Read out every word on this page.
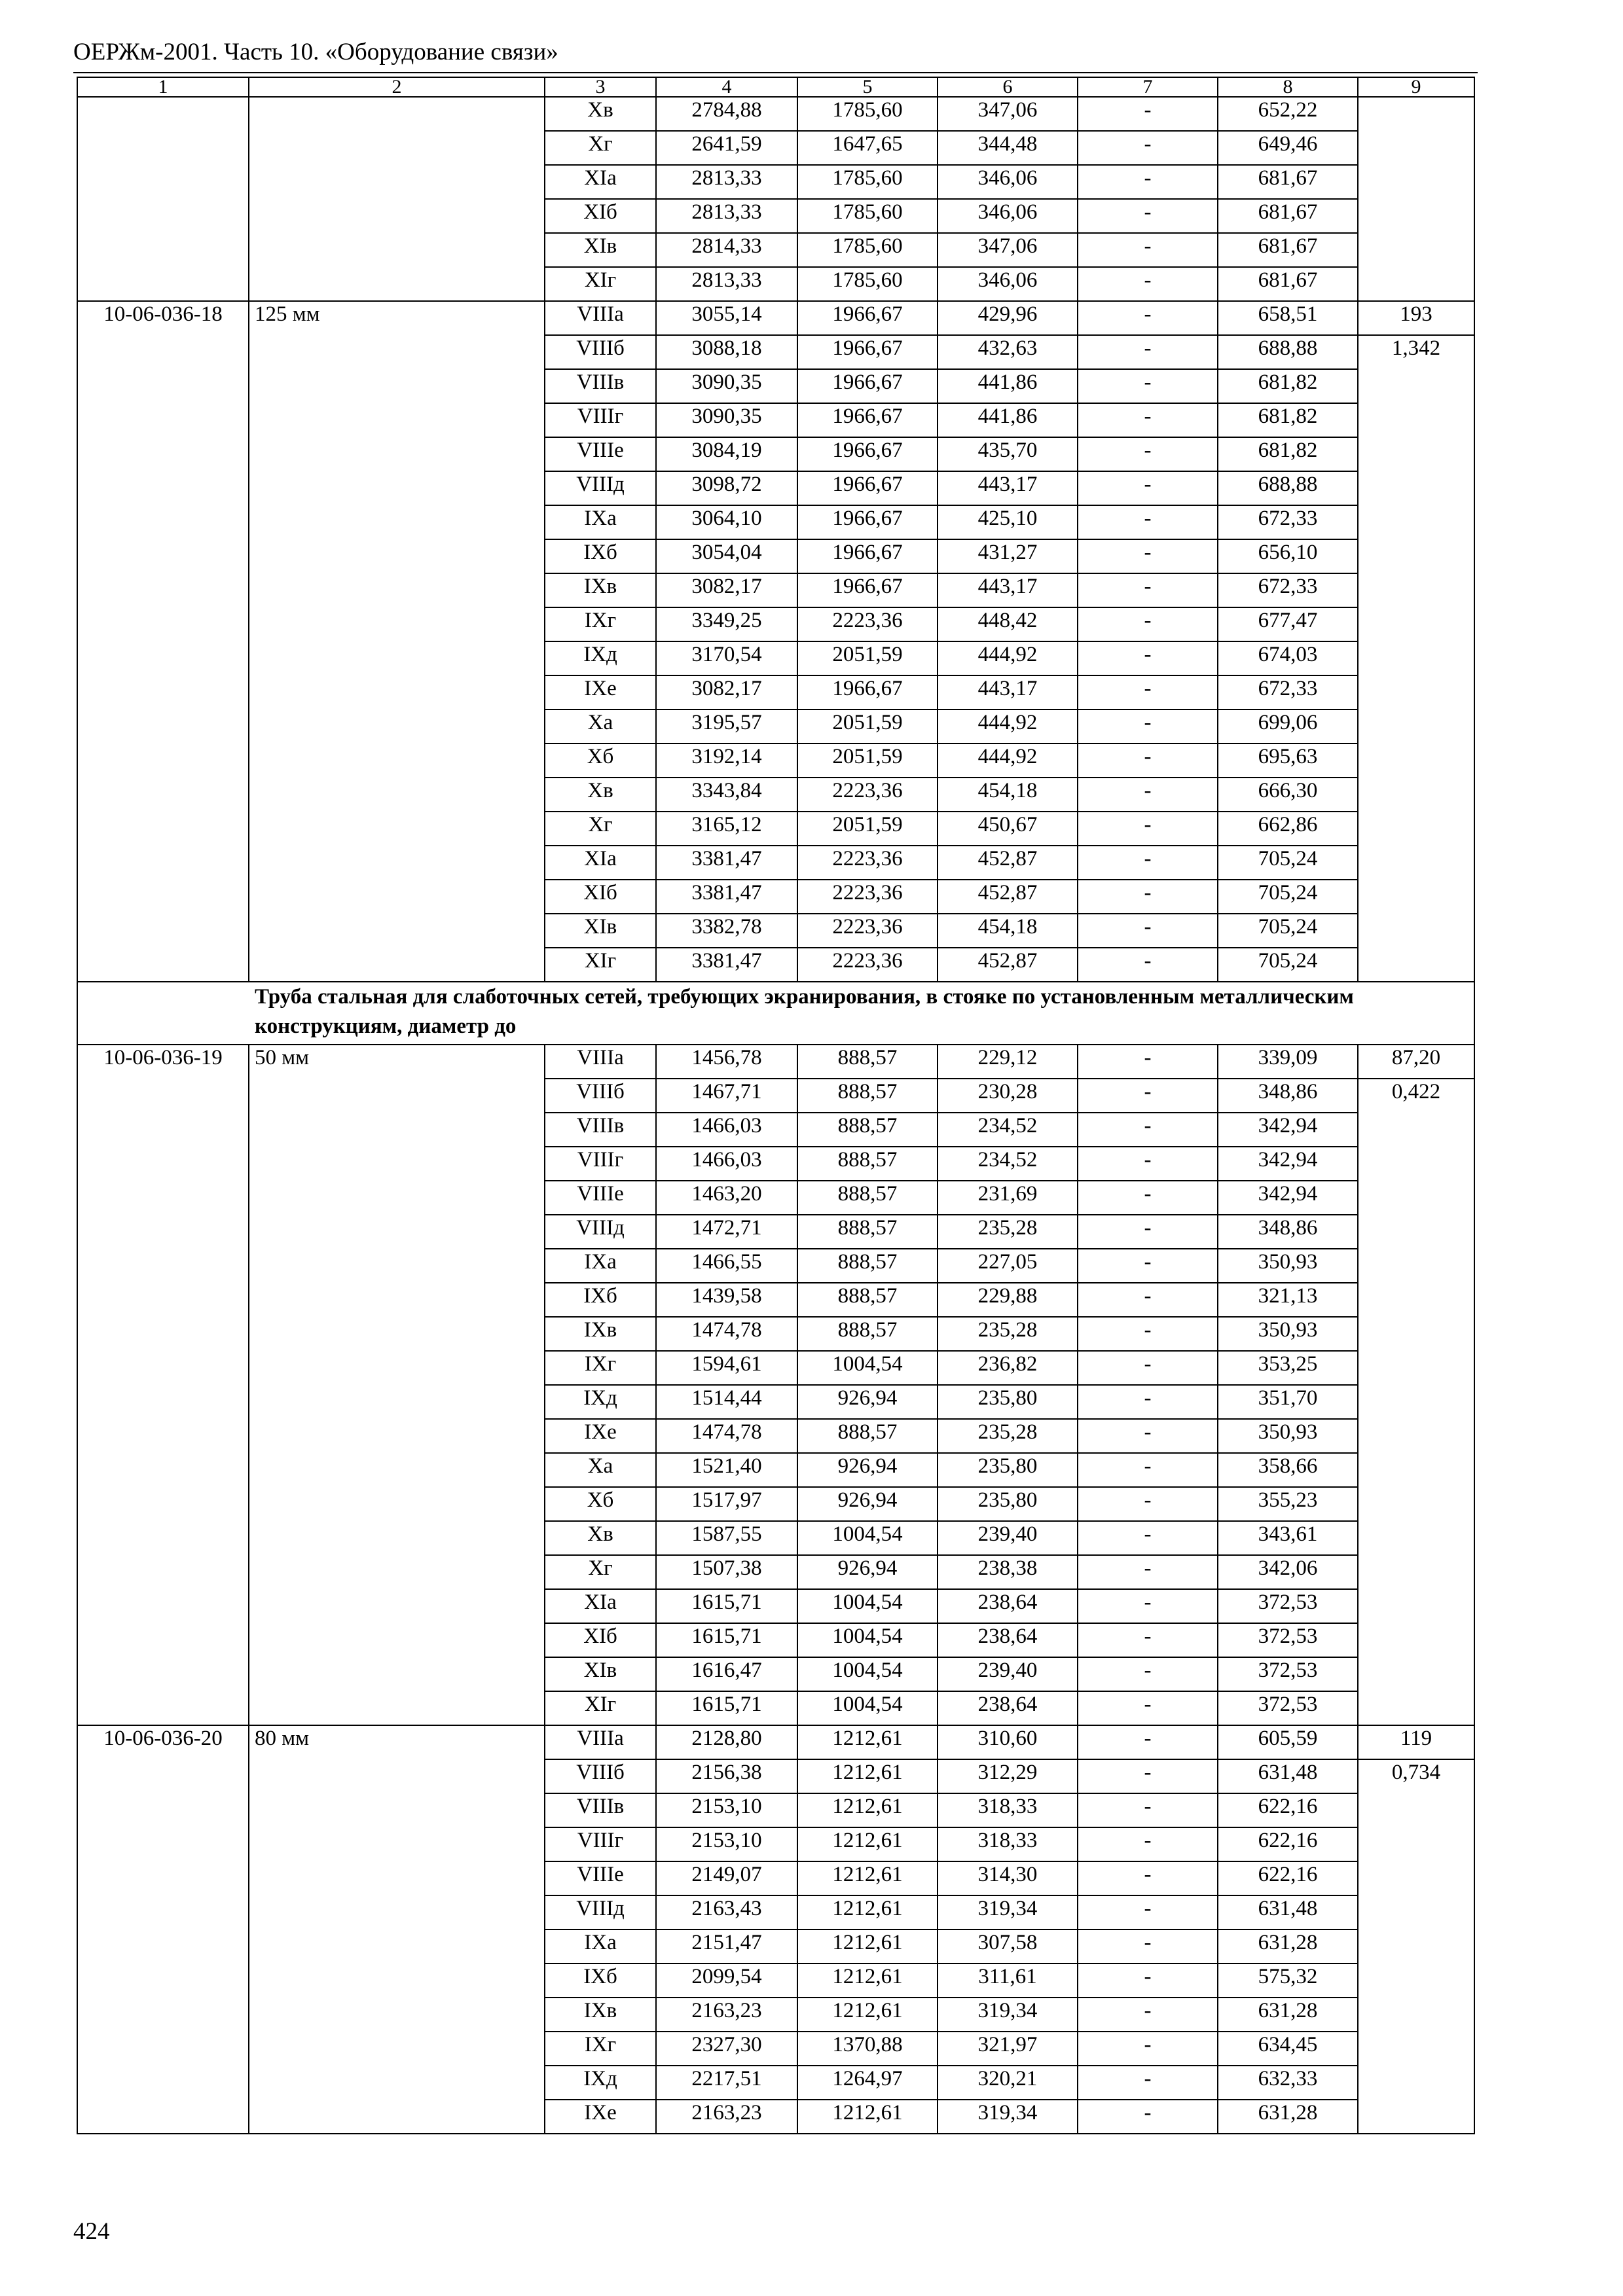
ОЕРЖм-2001. Часть 10. «Оборудование связи»
1	2	3	4	5	6	7	8	9
		Xв	2784,88	1785,60	347,06	-	652,22	
		Xг	2641,59	1647,65	344,48	-	649,46	
		XIа	2813,33	1785,60	346,06	-	681,67	
		XIб	2813,33	1785,60	346,06	-	681,67	
		XIв	2814,33	1785,60	347,06	-	681,67	
		XIг	2813,33	1785,60	346,06	-	681,67	
10-06-036-18	125 мм	VIIIа	3055,14	1966,67	429,96	-	658,51	193
		VIIIб	3088,18	1966,67	432,63	-	688,88	1,342
		VIIIв	3090,35	1966,67	441,86	-	681,82	
		VIIIг	3090,35	1966,67	441,86	-	681,82	
		VIIIе	3084,19	1966,67	435,70	-	681,82	
		VIIIд	3098,72	1966,67	443,17	-	688,88	
		IXа	3064,10	1966,67	425,10	-	672,33	
		IXб	3054,04	1966,67	431,27	-	656,10	
		IXв	3082,17	1966,67	443,17	-	672,33	
		IXг	3349,25	2223,36	448,42	-	677,47	
		IXд	3170,54	2051,59	444,92	-	674,03	
		IXе	3082,17	1966,67	443,17	-	672,33	
		Xа	3195,57	2051,59	444,92	-	699,06	
		Xб	3192,14	2051,59	444,92	-	695,63	
		Xв	3343,84	2223,36	454,18	-	666,30	
		Xг	3165,12	2051,59	450,67	-	662,86	
		XIа	3381,47	2223,36	452,87	-	705,24	
		XIб	3381,47	2223,36	452,87	-	705,24	
		XIв	3382,78	2223,36	454,18	-	705,24	
		XIг	3381,47	2223,36	452,87	-	705,24	
Труба стальная для слаботочных сетей, требующих экранирования, в стояке по установленным металлическим конструкциям, диаметр до								
10-06-036-19	50 мм	VIIIа	1456,78	888,57	229,12	-	339,09	87,20
		VIIIб	1467,71	888,57	230,28	-	348,86	0,422
		VIIIв	1466,03	888,57	234,52	-	342,94	
		VIIIг	1466,03	888,57	234,52	-	342,94	
		VIIIе	1463,20	888,57	231,69	-	342,94	
		VIIIд	1472,71	888,57	235,28	-	348,86	
		IXа	1466,55	888,57	227,05	-	350,93	
		IXб	1439,58	888,57	229,88	-	321,13	
		IXв	1474,78	888,57	235,28	-	350,93	
		IXг	1594,61	1004,54	236,82	-	353,25	
		IXд	1514,44	926,94	235,80	-	351,70	
		IXе	1474,78	888,57	235,28	-	350,93	
		Xа	1521,40	926,94	235,80	-	358,66	
		Xб	1517,97	926,94	235,80	-	355,23	
		Xв	1587,55	1004,54	239,40	-	343,61	
		Xг	1507,38	926,94	238,38	-	342,06	
		XIа	1615,71	1004,54	238,64	-	372,53	
		XIб	1615,71	1004,54	238,64	-	372,53	
		XIв	1616,47	1004,54	239,40	-	372,53	
		XIг	1615,71	1004,54	238,64	-	372,53	
10-06-036-20	80 мм	VIIIа	2128,80	1212,61	310,60	-	605,59	119
		VIIIб	2156,38	1212,61	312,29	-	631,48	0,734
		VIIIв	2153,10	1212,61	318,33	-	622,16	
		VIIIг	2153,10	1212,61	318,33	-	622,16	
		VIIIе	2149,07	1212,61	314,30	-	622,16	
		VIIIд	2163,43	1212,61	319,34	-	631,48	
		IXа	2151,47	1212,61	307,58	-	631,28	
		IXб	2099,54	1212,61	311,61	-	575,32	
		IXв	2163,23	1212,61	319,34	-	631,28	
		IXг	2327,30	1370,88	321,97	-	634,45	
		IXд	2217,51	1264,97	320,21	-	632,33	
		IXе	2163,23	1212,61	319,34	-	631,28	
424
